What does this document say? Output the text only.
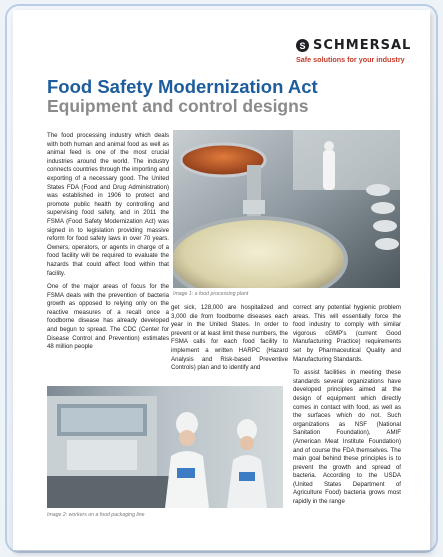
S SCHMERSAL
Safe solutions for your industry
Food Safety Modernization Act
Equipment and control designs

The food processing industry which deals with both human and animal food as well as animal feed is one of the most crucial industries around the world. The industry connects countries through the importing and exporting of a necessary good. The United States FDA (Food and Drug Administration) was established in 1906 to protect and promote public health by controlling and supervising food safety, and in 2011 the FSMA (Food Safety Modernization Act) was signed in to legislation providing massive reform for food safety laws in over 70 years. Owners, operators, or agents in charge of a food facility will be required to evaluate the hazards that could affect food within that facility.

One of the major areas of focus for the FSMA deals with the prevention of bacteria growth as opposed to relying only on the reactive measures of a recall once a foodborne disease has already developed and begun to spread. The CDC (Center for Disease Control and Prevention) estimates 48 million people

Image 1: a food processing plant

get sick, 128,000 are hospitalized and 3,000 die from foodborne diseases each year in the United States. In order to prevent or at least limit these numbers, the FSMA calls for each food facility to implement a written HARPC (Hazard Analysis and Risk-based Preventive Controls) plan and to identify and

correct any potential hygienic problem areas. This will essentially force the food industry to comply with similar vigorous cGMP's (current Good Manufacturing Practice) requirements set by Pharmaceutical Quality and Manufacturing Standards.

To assist facilities in meeting these standards several organizations have developed principles aimed at the design of equipment which directly comes in contact with food, as well as the surfaces which do not. Such organizations as NSF (National Sanitation Foundation), AMIF (American Meat Institute Foundation) and of course the FDA themselves. The main goal behind these principles is to prevent the growth and spread of bacteria. According to the USDA (United States Department of Agriculture Food) bacteria grows most rapidly in the range

Image 2: workers on a food packaging line
